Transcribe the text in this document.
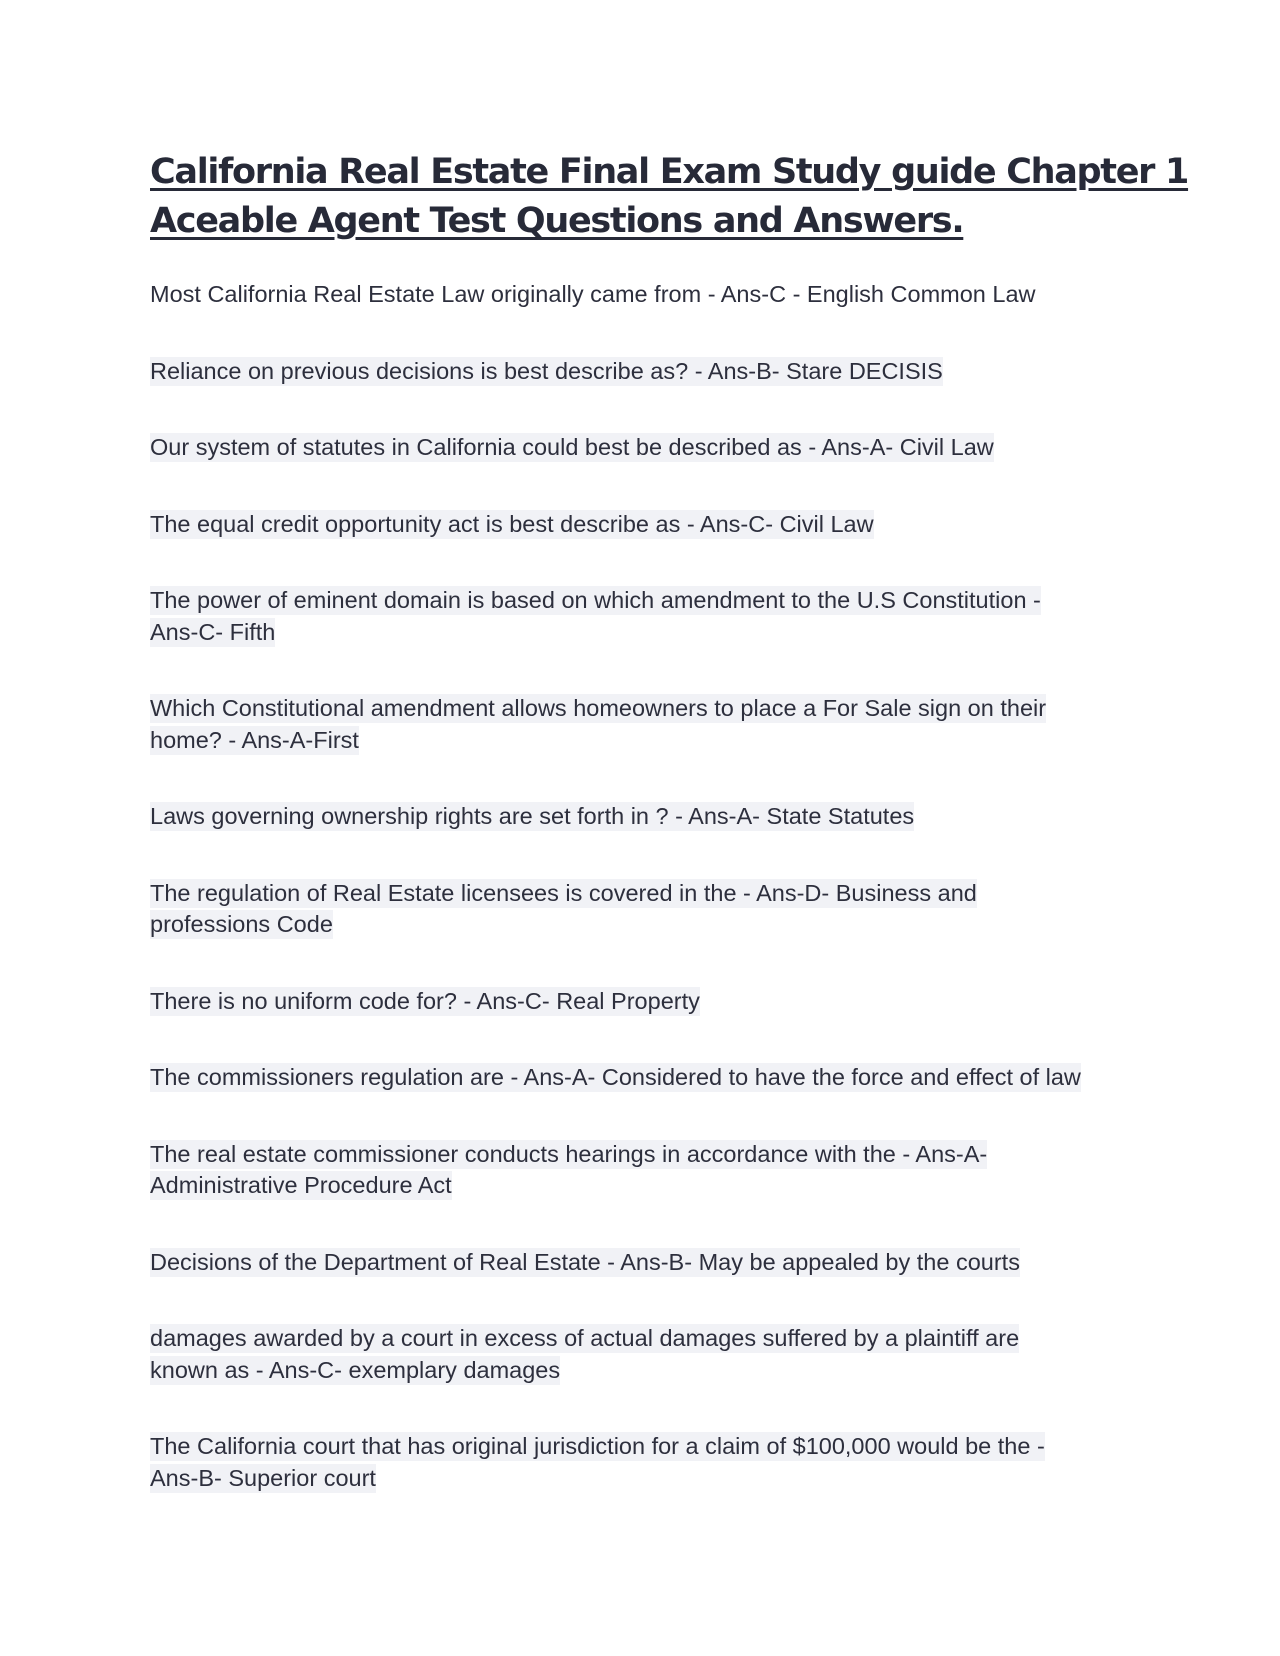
California Real Estate Final Exam Study guide Chapter 1
Aceable Agent Test Questions and Answers.

Most California Real Estate Law originally came from - Ans-C - English Common Law

Reliance on previous decisions is best describe as? - Ans-B- Stare DECISIS

Our system of statutes in California could best be described as - Ans-A- Civil Law

The equal credit opportunity act is best describe as - Ans-C- Civil Law

The power of eminent domain is based on which amendment to the U.S Constitution -
Ans-C- Fifth

Which Constitutional amendment allows homeowners to place a For Sale sign on their
home? - Ans-A-First

Laws governing ownership rights are set forth in ? - Ans-A- State Statutes

The regulation of Real Estate licensees is covered in the - Ans-D- Business and
professions Code

There is no uniform code for? - Ans-C- Real Property

The commissioners regulation are - Ans-A- Considered to have the force and effect of law

The real estate commissioner conducts hearings in accordance with the - Ans-A-
Administrative Procedure Act

Decisions of the Department of Real Estate - Ans-B- May be appealed by the courts

damages awarded by a court in excess of actual damages suffered by a plaintiff are
known as - Ans-C- exemplary damages

The California court that has original jurisdiction for a claim of $100,000 would be the -
Ans-B- Superior court
